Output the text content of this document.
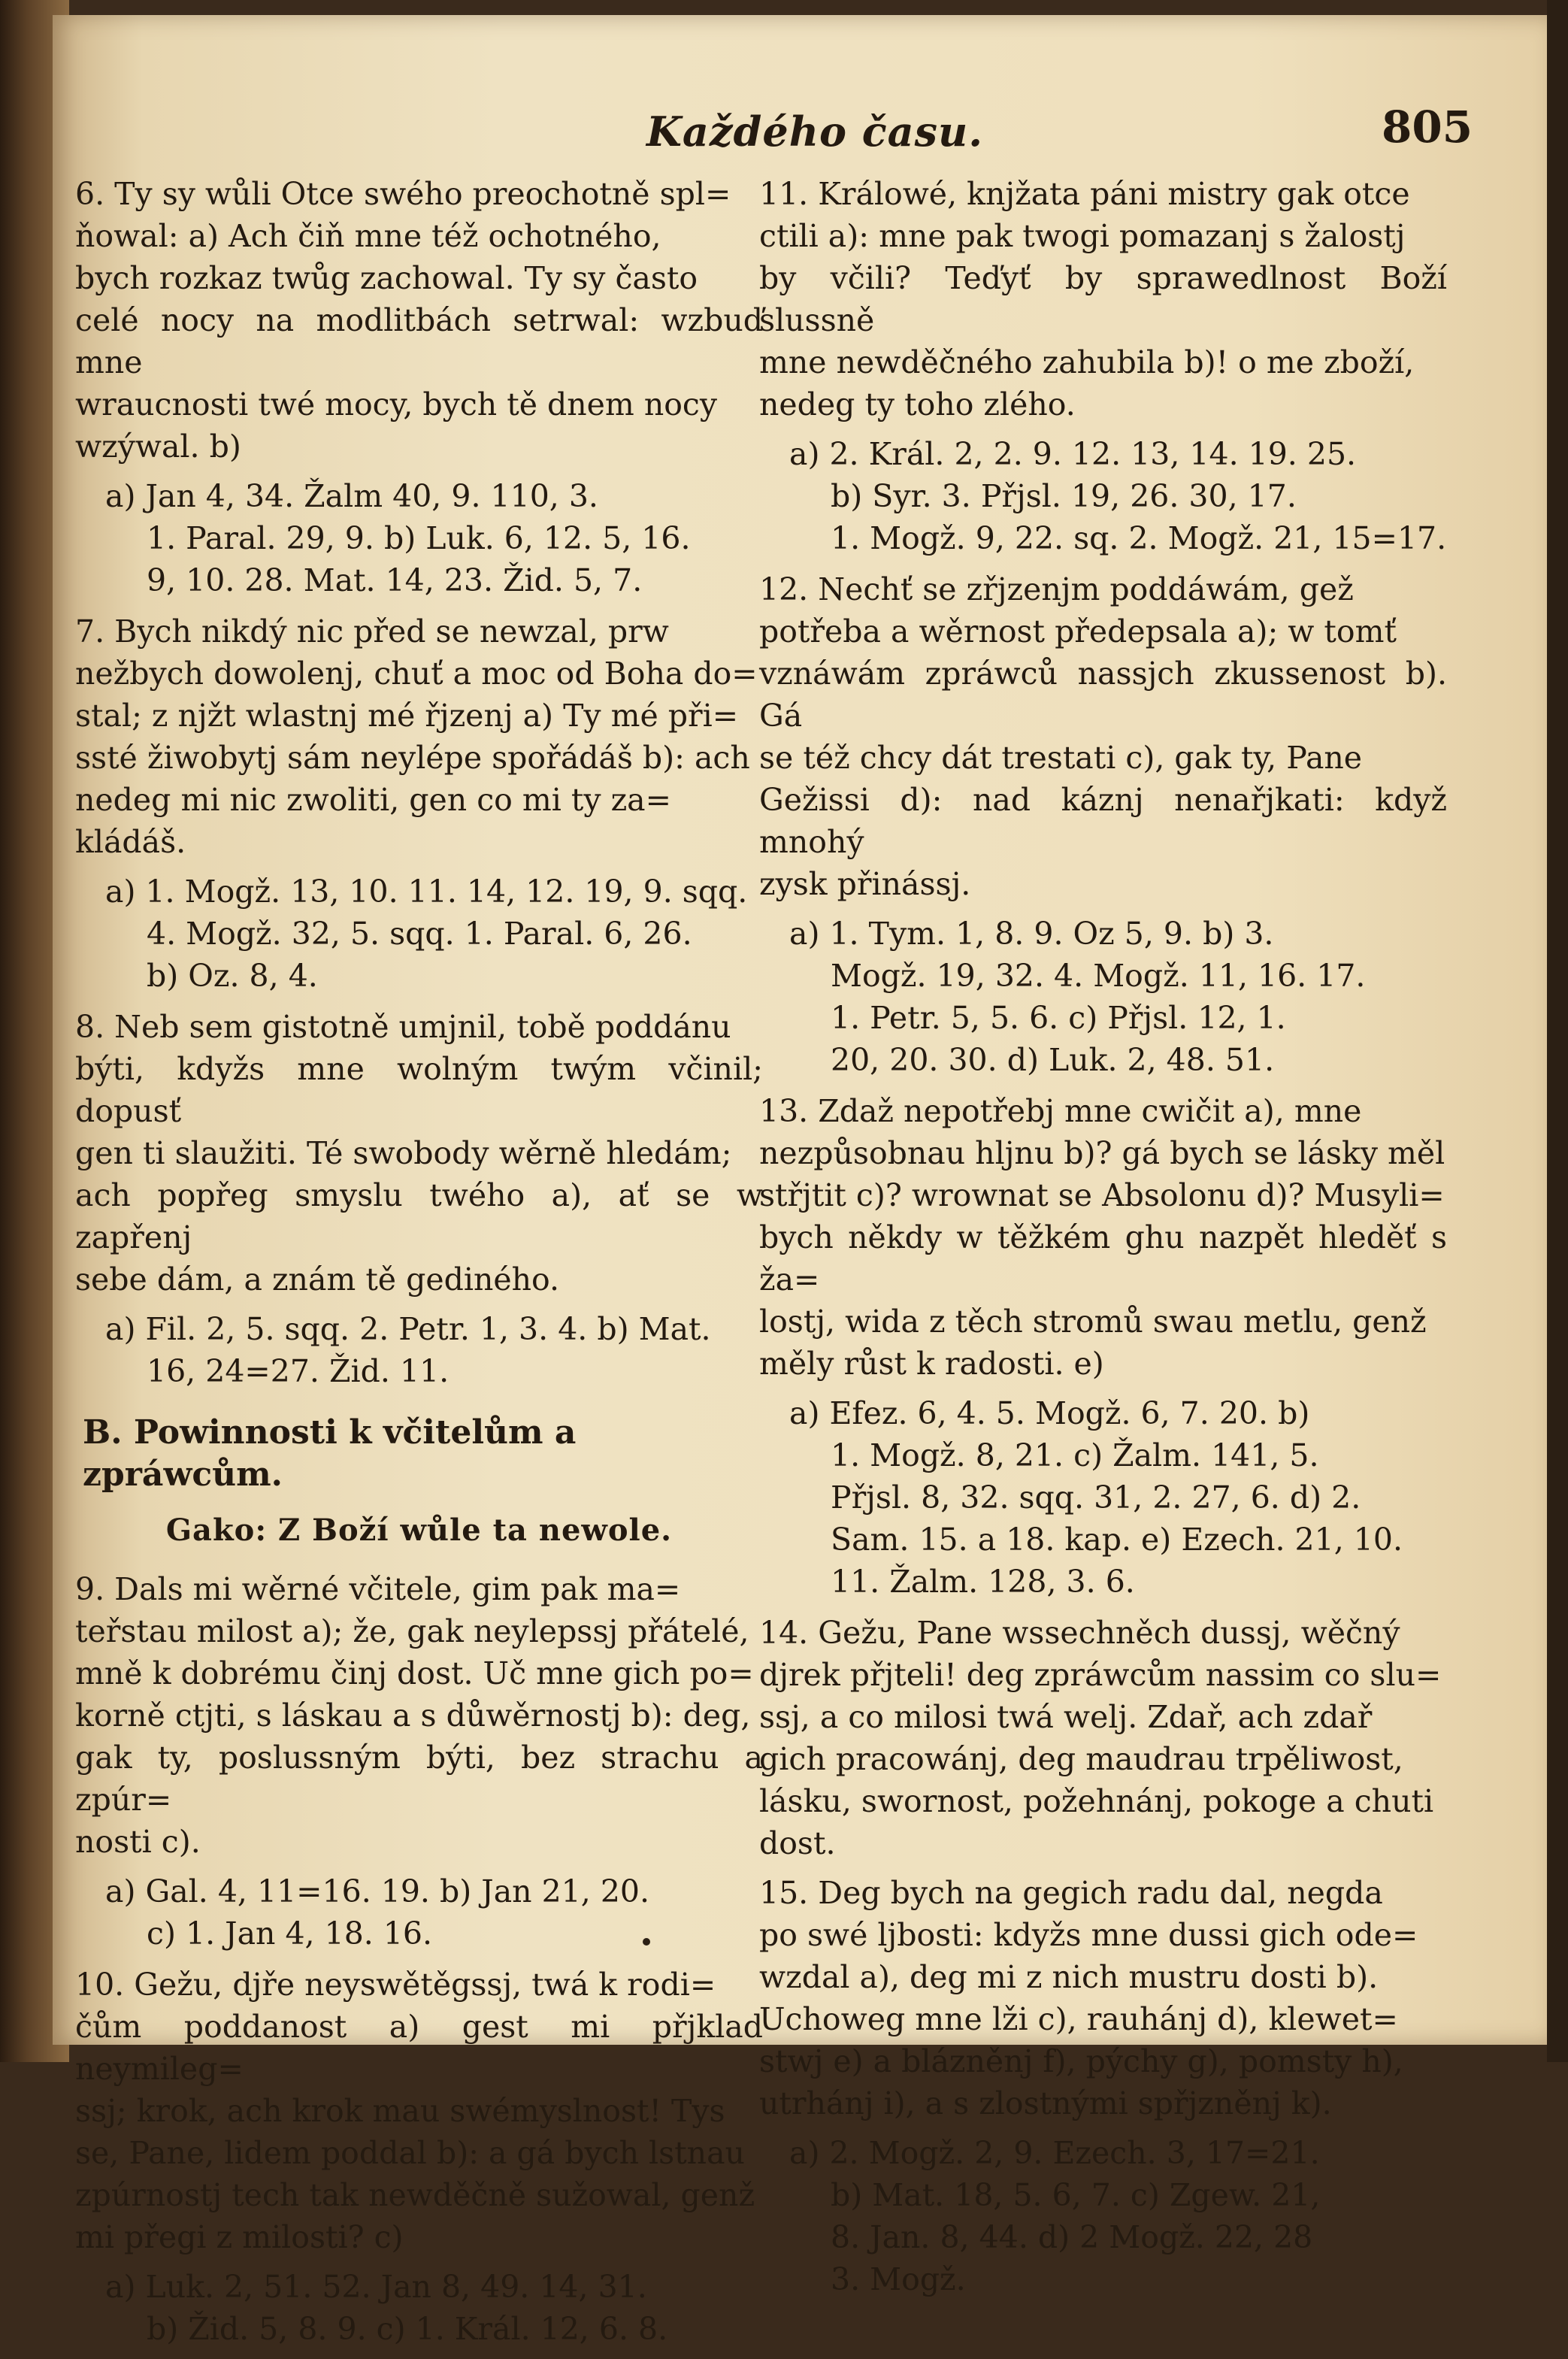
Každého času.	805
6. Ty sy wůli Otce swého preochotně spl=
ňowal: a) Ach čiň mne též ochotného,
bych rozkaz twůg zachowal. Ty sy často
celé nocy na modlitbách setrwal: wzbuď mne
wraucnosti twé mocy, bych tě dnem nocy
wzýwal. b)
a) Jan 4, 34. Žalm 40, 9. 110, 3.
1. Paral. 29, 9. b) Luk. 6, 12. 5, 16.
9, 10. 28. Mat. 14, 23. Žid. 5, 7.
7. Bych nikdý nic před se newzal, prw
nežbych dowolenj, chuť a moc od Boha do=
stal; z njžt wlastnj mé řjzenj a) Ty mé při=
ssté žiwobytj sám neylépe spořádáš b): ach
nedeg mi nic zwoliti, gen co mi ty za=
kládáš.
a) 1. Mogž. 13, 10. 11. 14, 12. 19, 9. sqq.
4. Mogž. 32, 5. sqq. 1. Paral. 6, 26.
b) Oz. 8, 4.
8. Neb sem gistotně umjnil, tobě poddánu
býti, kdyžs mne wolným twým včinil; dopusť
gen ti slaužiti. Té swobody wěrně hledám;
ach popřeg smyslu twého a), ať se w zapřenj
sebe dám, a znám tě gediného.
a) Fil. 2, 5. sqq. 2. Petr. 1, 3. 4. b) Mat.
16, 24=27. Žid. 11.
B. Powinnosti k včitelům a zpráwcům.
Gako: Z Boží wůle ta newole.
9. Dals mi wěrné včitele, gim pak ma=
teřstau milost a); že, gak neylepssj přátelé,
mně k dobrému činj dost. Uč mne gich po=
korně ctjti, s láskau a s důwěrnostj b): deg,
gak ty, poslussným býti, bez strachu a zpúr=
nosti c).
a) Gal. 4, 11=16. 19. b) Jan 21, 20.
c) 1. Jan 4, 18. 16.
10. Gežu, djře neyswětěgssj, twá k rodi=
čům poddanost a) gest mi přjklad neymileg=
ssj; krok, ach krok mau swémyslnost! Tys
se, Pane, lidem poddal b): a gá bych lstnau
zpúrnostj tech tak newděčně sužowal, genž
mi přegi z milosti? c)
a) Luk. 2, 51. 52. Jan 8, 49. 14, 31.
b) Žid. 5, 8. 9. c) 1. Král. 12, 6. 8.
11. Králowé, knjžata páni mistry gak otce
ctili a): mne pak twogi pomazanj s žalostj
by včili? Teďyť by sprawedlnost Boží slussně
mne newděčného zahubila b)! o me zboží,
nedeg ty toho zlého.
a) 2. Král. 2, 2. 9. 12. 13, 14. 19. 25.
b) Syr. 3. Přjsl. 19, 26. 30, 17.
1. Mogž. 9, 22. sq. 2. Mogž. 21, 15=17.
12. Nechť se zřjzenjm poddáwám, gež
potřeba a wěrnost předepsala a); w tomť
vznáwám zpráwců nassjch zkussenost b). Gá
se též chcy dát trestati c), gak ty, Pane
Gežissi d): nad káznj nenařjkati: když mnohý
zysk přinássj.
a) 1. Tym. 1, 8. 9. Oz 5, 9. b) 3.
Mogž. 19, 32. 4. Mogž. 11, 16. 17.
1. Petr. 5, 5. 6. c) Přjsl. 12, 1.
20, 20. 30. d) Luk. 2, 48. 51.
13. Zdaž nepotřebj mne cwičit a), mne
nezpůsobnau hljnu b)? gá bych se lásky měl
střjtit c)? wrownat se Absolonu d)? Musyli=
bych někdy w těžkém ghu nazpět hleděť s ža=
lostj, wida z těch stromů swau metlu, genž
měly růst k radosti. e)
a) Efez. 6, 4. 5. Mogž. 6, 7. 20. b)
1. Mogž. 8, 21. c) Žalm. 141, 5.
Přjsl. 8, 32. sqq. 31, 2. 27, 6. d) 2.
Sam. 15. a 18. kap. e) Ezech. 21, 10.
11. Žalm. 128, 3. 6.
14. Gežu, Pane wssechněch dussj, wěčný
djrek přjteli! deg zpráwcům nassim co slu=
ssj, a co milosi twá welj. Zdař, ach zdař
gich pracowánj, deg maudrau trpěliwost,
lásku, swornost, požehnánj, pokoge a chuti
dost.
15. Deg bych na gegich radu dal, negda
po swé ljbosti: kdyžs mne dussi gich ode=
wzdal a), deg mi z nich mustru dosti b).
Uchoweg mne lži c), rauhánj d), klewet=
stwj e) a blázněnj f), pýchy g), pomsty h),
utrhánj i), a s zlostnými spřjzněnj k).
a) 2. Mogž. 2, 9. Ezech. 3, 17=21.
b) Mat. 18, 5. 6, 7. c) Zgew. 21,
8. Jan. 8, 44. d) 2 Mogž. 22, 28
3. Mogž.
